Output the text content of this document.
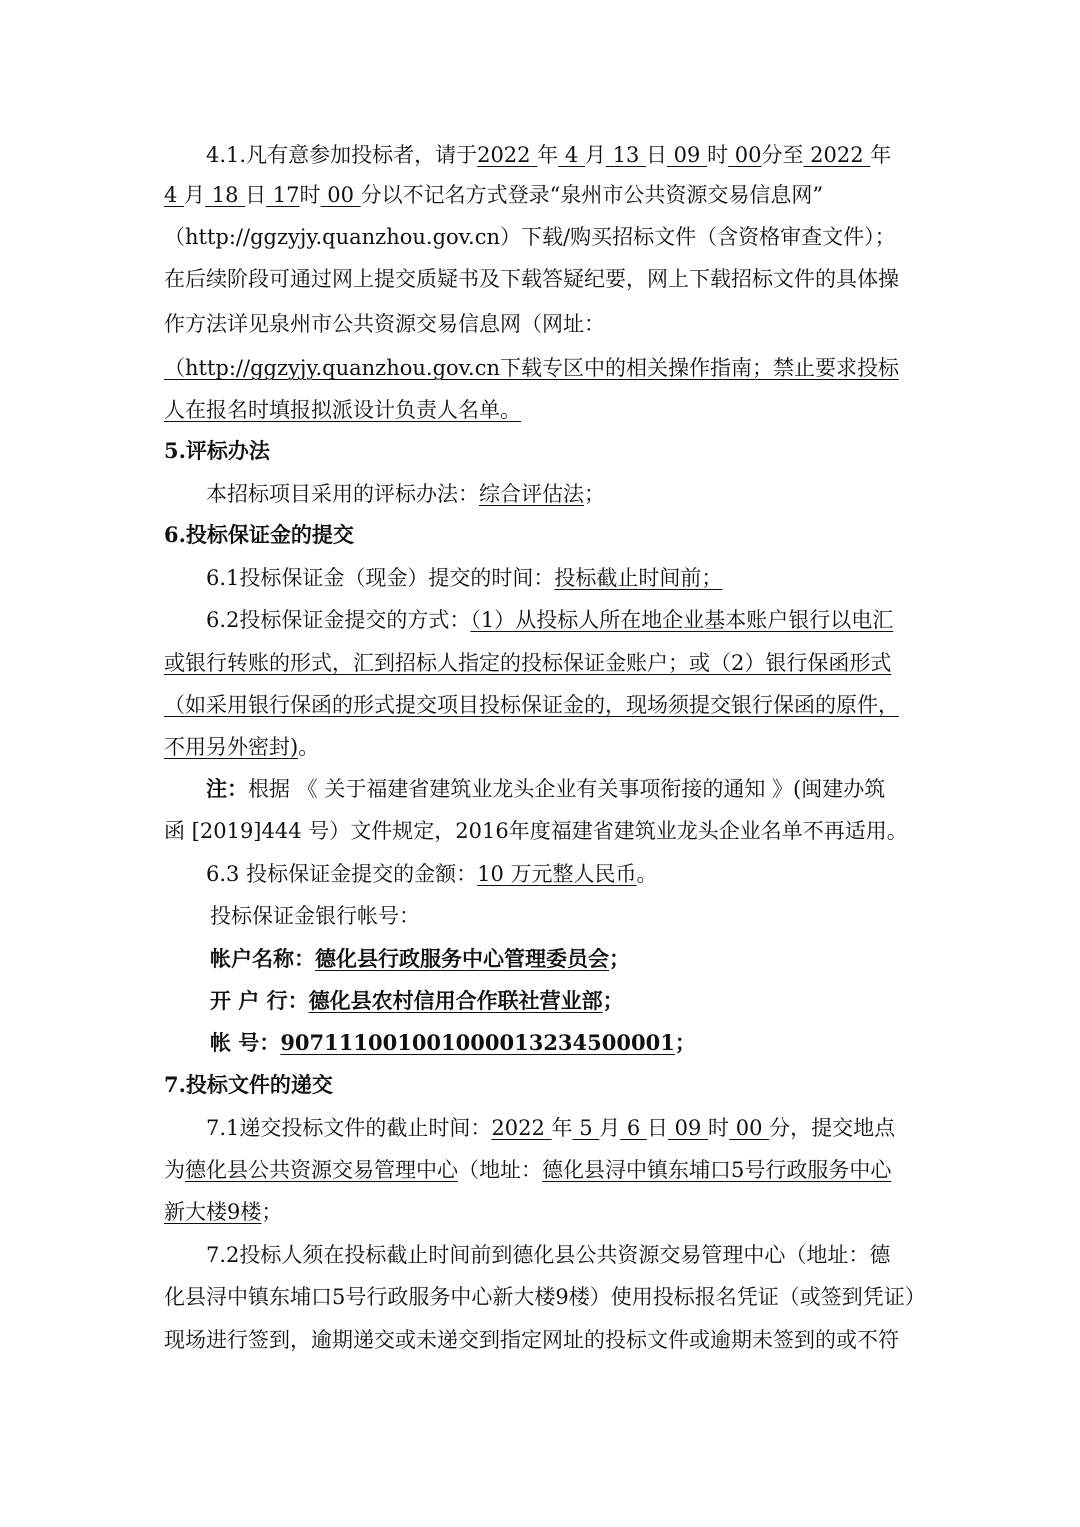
4.1.凡有意参加投标者，请于2022 年 4 月 13 日 09 时 00分至 2022 年
4 月 18 日 17时 00 分以不记名方式登录“泉州市公共资源交易信息网”
（http://ggzyjy.quanzhou.gov.cn）下载/购买招标文件（含资格审查文件）；
在后续阶段可通过网上提交质疑书及下载答疑纪要，网上下载招标文件的具体操
作方法详见泉州市公共资源交易信息网（网址：
（http://ggzyjy.quanzhou.gov.cn下载专区中的相关操作指南；禁止要求投标
人在报名时填报拟派设计负责人名单。
5.评标办法
本招标项目采用的评标办法：综合评估法；
6.投标保证金的提交
6.1投标保证金（现金）提交的时间：投标截止时间前；
6.2投标保证金提交的方式：（1）从投标人所在地企业基本账户银行以电汇
或银行转账的形式，汇到招标人指定的投标保证金账户；或（2）银行保函形式
（如采用银行保函的形式提交项目投标保证金的，现场须提交银行保函的原件，
不用另外密封)。
注：根据 《 关于福建省建筑业龙头企业有关事项衔接的通知 》(闽建办筑
函 [2019]444 号）文件规定，2016年度福建省建筑业龙头企业名单不再适用。
6.3 投标保证金提交的金额：10 万元整人民币。
投标保证金银行帐号：
帐户名称：德化县行政服务中心管理委员会；
开 户 行：德化县农村信用合作联社营业部；
帐 号：907111001001000013234500001；
7.投标文件的递交
7.1递交投标文件的截止时间：2022 年 5 月 6 日 09 时 00 分，提交地点
为德化县公共资源交易管理中心（地址：德化县浔中镇东埔口5号行政服务中心
新大楼9楼；
7.2投标人须在投标截止时间前到德化县公共资源交易管理中心（地址：德
化县浔中镇东埔口5号行政服务中心新大楼9楼）使用投标报名凭证（或签到凭证）
现场进行签到，逾期递交或未递交到指定网址的投标文件或逾期未签到的或不符
